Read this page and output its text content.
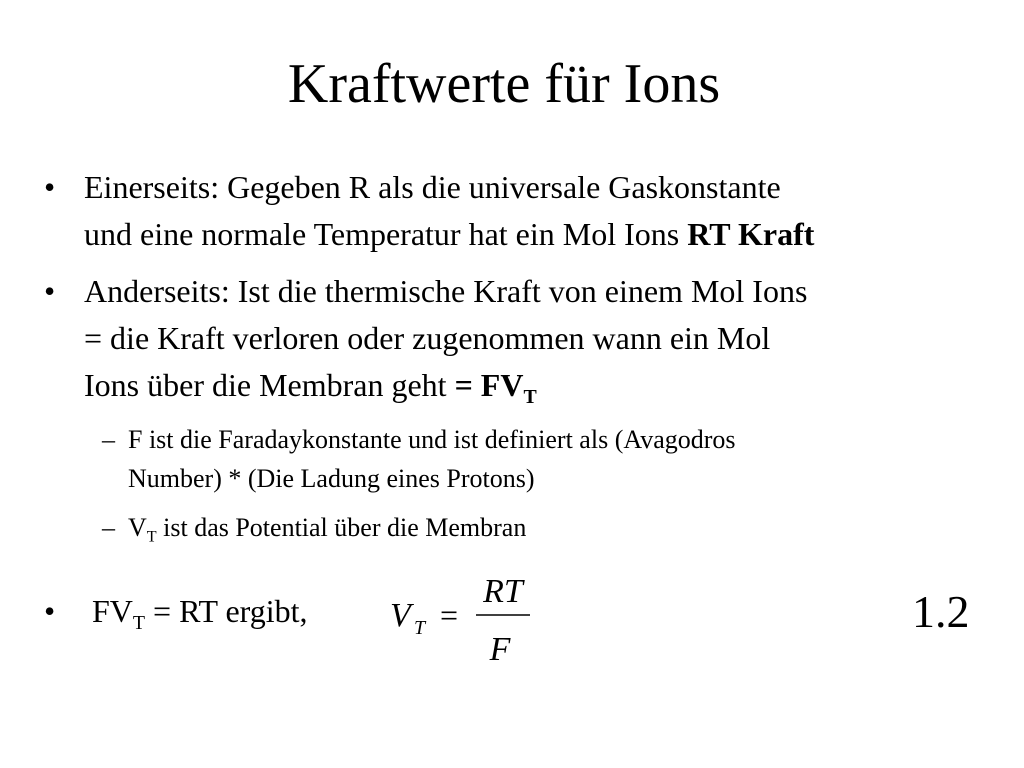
Kraftwerte für Ions
• Einerseits: Gegeben R als die universale Gaskonstante
und eine normale Temperatur hat ein Mol Ions RT Kraft
• Anderseits: Ist die thermische Kraft von einem Mol Ions
= die Kraft verloren oder zugenommen wann ein Mol
Ions über die Membran geht = $FV_T$
– F ist die Faradaykonstante und ist definiert als (Avagodros
Number) * (Die Ladung eines Protons)
– $V_T$ ist das Potential über die Membran
• $FV_T$ = RT ergibt,	V T =
RT
F
1.2
